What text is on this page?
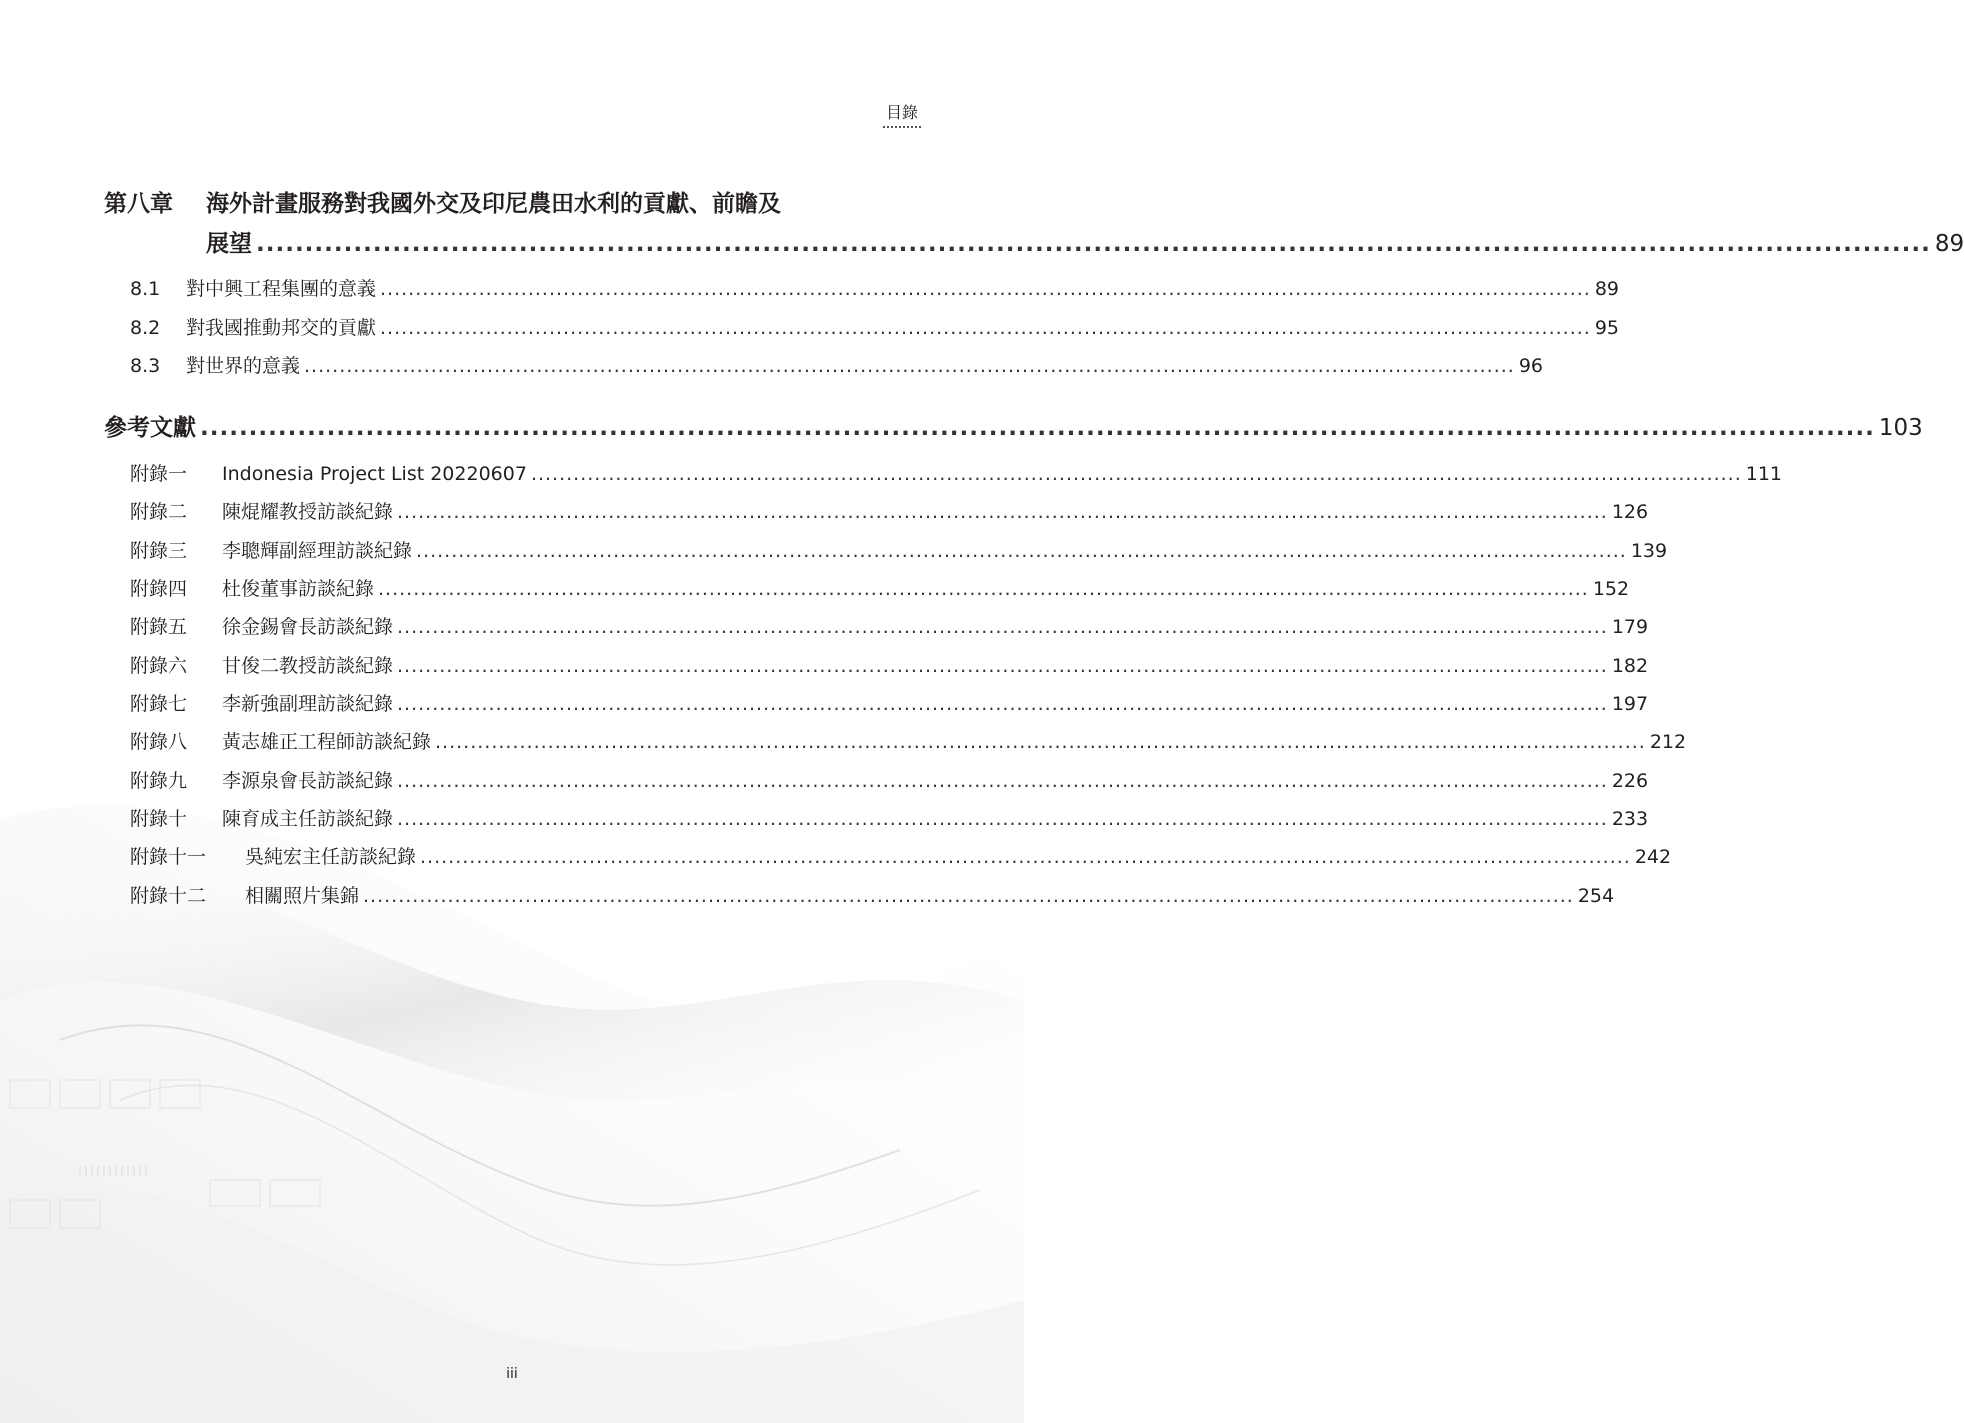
目錄
第八章	海外計畫服務對我國外交及印尼農田水利的貢獻、前瞻及
展望 ............................................................................................................................................................................ 89
8.1	對中興工程集團的意義 ............................................................................................................................................................................ 89
8.2	對我國推動邦交的貢獻 ............................................................................................................................................................................ 95
8.3	對世界的意義 ............................................................................................................................................................................ 96
參考文獻 ............................................................................................................................................................................ 103
附錄一	Indonesia Project List 20220607 ............................................................................................................................................................................ 111
附錄二	陳焜耀教授訪談紀錄 ............................................................................................................................................................................ 126
附錄三	李聰輝副經理訪談紀錄 ............................................................................................................................................................................ 139
附錄四	杜俊董事訪談紀錄 ............................................................................................................................................................................ 152
附錄五	徐金錫會長訪談紀錄 ............................................................................................................................................................................ 179
附錄六	甘俊二教授訪談紀錄 ............................................................................................................................................................................ 182
附錄七	李新強副理訪談紀錄 ............................................................................................................................................................................ 197
附錄八	黃志雄正工程師訪談紀錄 ............................................................................................................................................................................ 212
附錄九	李源泉會長訪談紀錄 ............................................................................................................................................................................ 226
附錄十	陳育成主任訪談紀錄 ............................................................................................................................................................................ 233
附錄十一	吳純宏主任訪談紀錄 ............................................................................................................................................................................ 242
附錄十二	相關照片集錦 ............................................................................................................................................................................ 254
iii
